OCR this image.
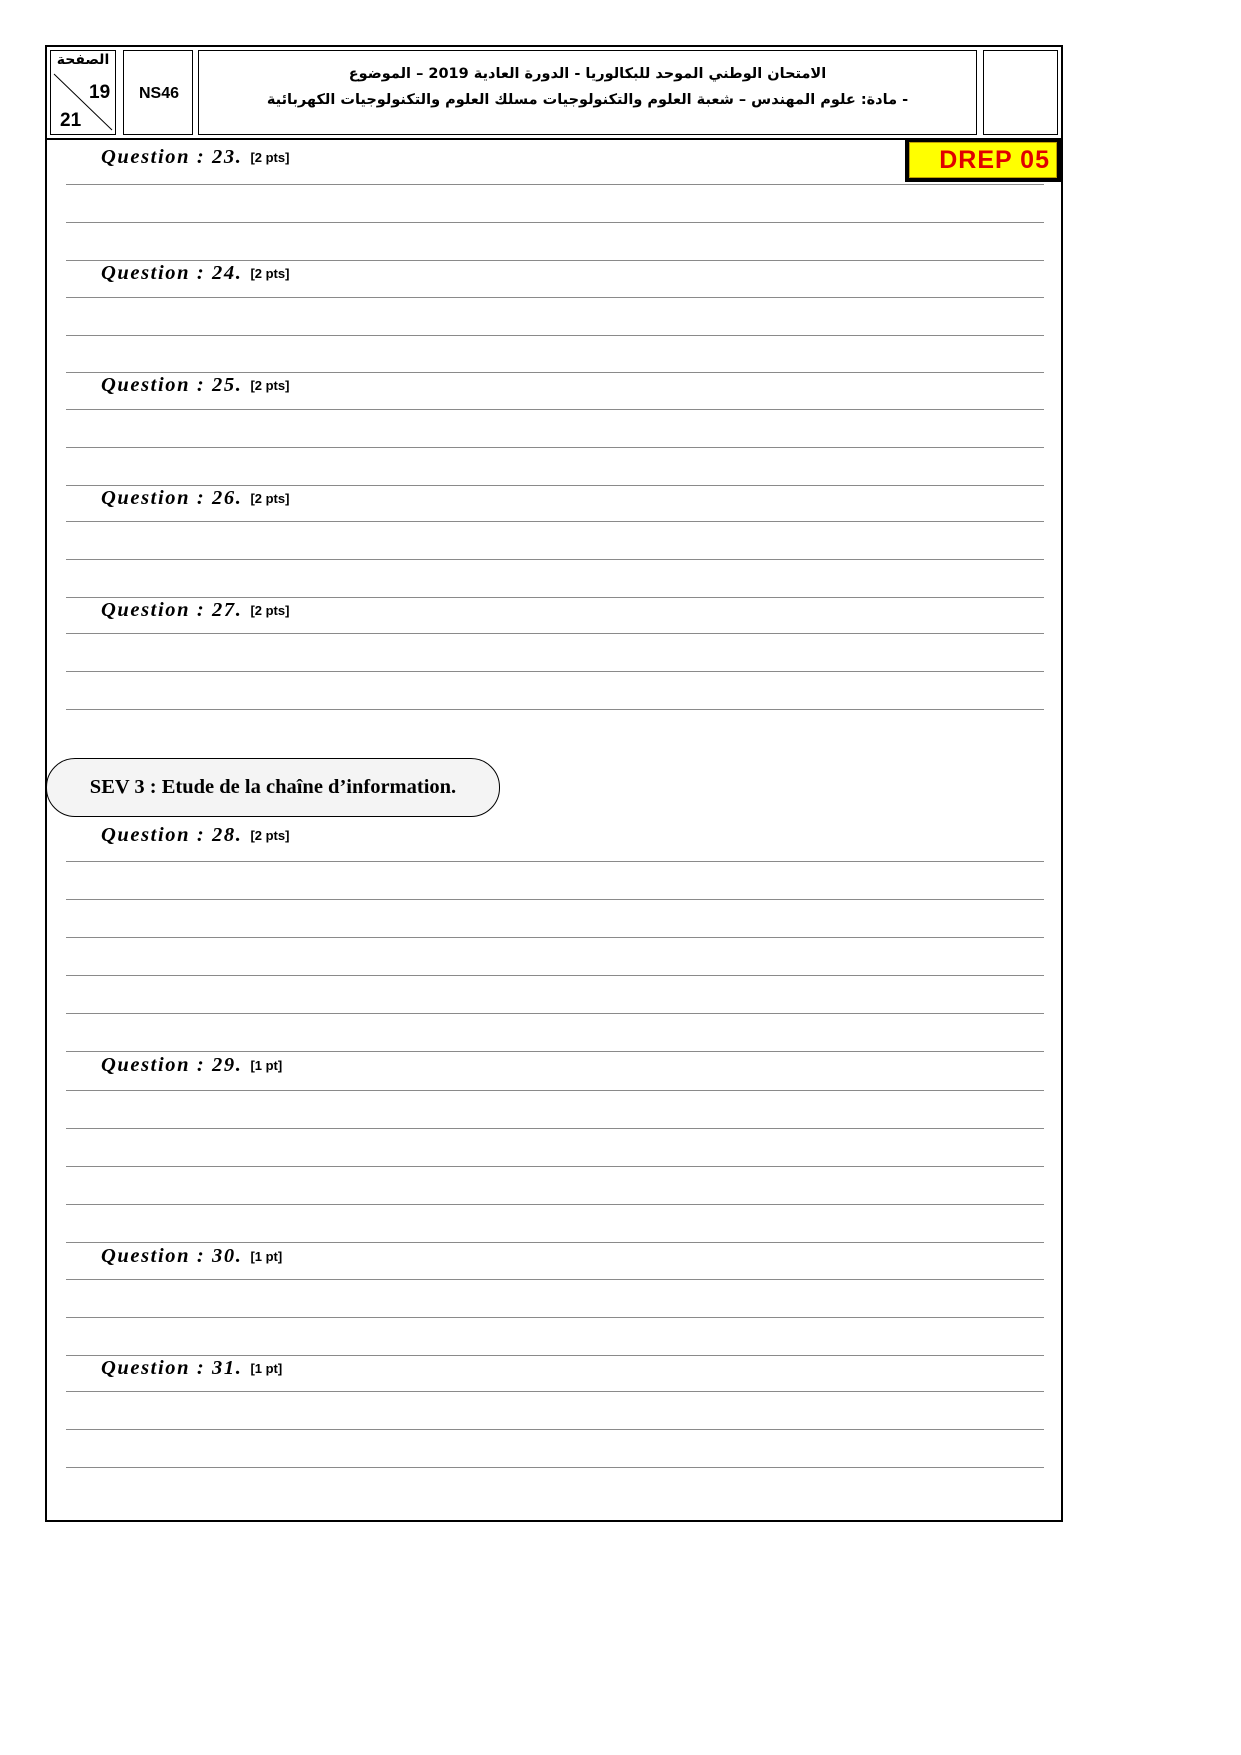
الصفحة
19
21
NS46
الامتحان الوطني الموحد للبكالوريا - الدورة العادية 2019 – الموضوع
- مادة: علوم المهندس – شعبة العلوم والتكنولوجيات مسلك العلوم والتكنولوجيات الكهربائية
DREP 05
Question : 23. [2 pts]
Question : 24. [2 pts]
Question : 25. [2 pts]
Question : 26. [2 pts]
Question : 27. [2 pts]
SEV 3 : Etude de la chaîne d’information.
Question : 28. [2 pts]
Question : 29. [1 pt]
Question : 30. [1 pt]
Question : 31. [1 pt]
